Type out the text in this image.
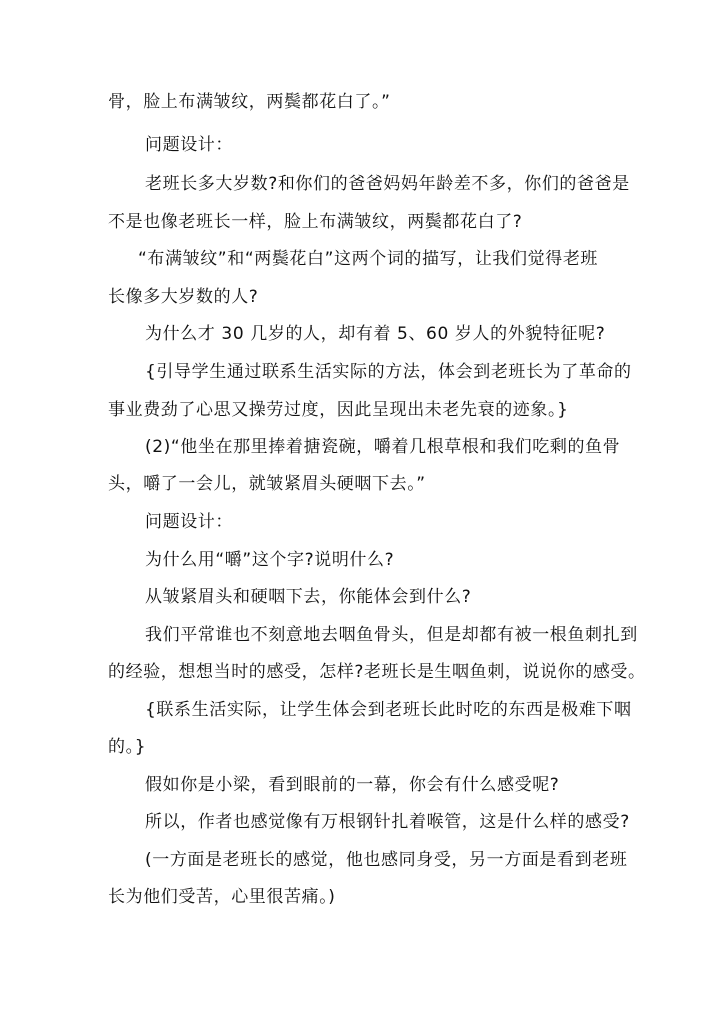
骨，脸上布满皱纹，两鬓都花白了。”
问题设计：
老班长多大岁数?和你们的爸爸妈妈年龄差不多，你们的爸爸是
不是也像老班长一样，脸上布满皱纹，两鬓都花白了?
“布满皱纹”和“两鬓花白”这两个词的描写，让我们觉得老班
长像多大岁数的人?
为什么才 30 几岁的人，却有着 5、60 岁人的外貌特征呢?
{引导学生通过联系生活实际的方法，体会到老班长为了革命的
事业费劲了心思又操劳过度，因此呈现出未老先衰的迹象。}
(2)“他坐在那里捧着搪瓷碗，嚼着几根草根和我们吃剩的鱼骨
头，嚼了一会儿，就皱紧眉头硬咽下去。”
问题设计：
为什么用“嚼”这个字?说明什么?
从皱紧眉头和硬咽下去，你能体会到什么?
我们平常谁也不刻意地去咽鱼骨头，但是却都有被一根鱼刺扎到
的经验，想想当时的感受，怎样?老班长是生咽鱼刺，说说你的感受。
{联系生活实际，让学生体会到老班长此时吃的东西是极难下咽
的。}
假如你是小梁，看到眼前的一幕，你会有什么感受呢?
所以，作者也感觉像有万根钢针扎着喉管，这是什么样的感受?
(一方面是老班长的感觉，他也感同身受，另一方面是看到老班
长为他们受苦，心里很苦痛。)
